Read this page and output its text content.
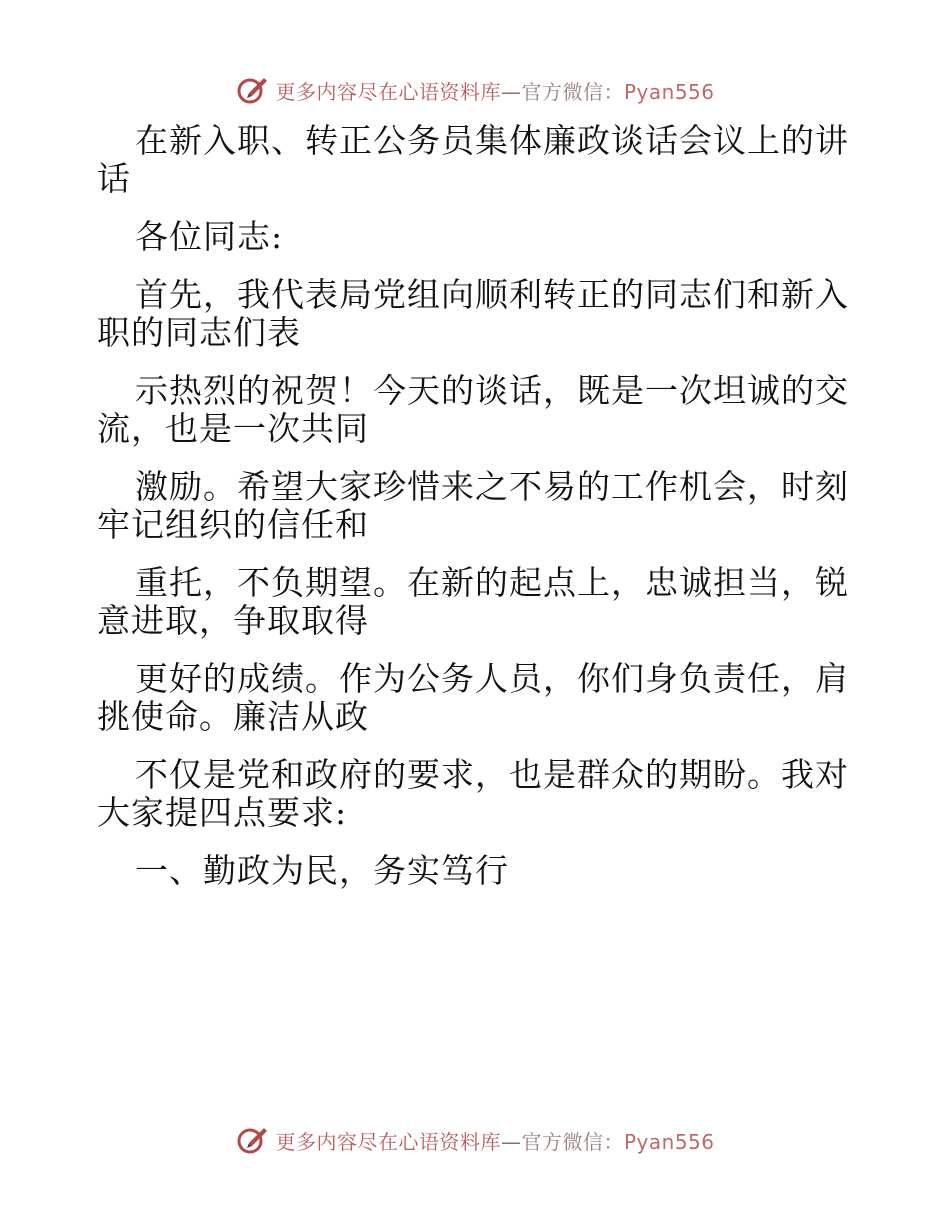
更多内容尽在心语资料库—官方微信：Pyan556
在新入职、转正公务员集体廉政谈话会议上的讲
话
各位同志:
首先，我代表局党组向顺利转正的同志们和新入
职的同志们表
示热烈的祝贺！今天的谈话，既是一次坦诚的交
流，也是一次共同
激励。希望大家珍惜来之不易的工作机会，时刻
牢记组织的信任和
重托，不负期望。在新的起点上，忠诚担当，锐
意进取，争取取得
更好的成绩。作为公务人员，你们身负责任，肩
挑使命。廉洁从政
不仅是党和政府的要求，也是群众的期盼。我对
大家提四点要求:
一、勤政为民，务实笃行
更多内容尽在心语资料库—官方微信：Pyan556
